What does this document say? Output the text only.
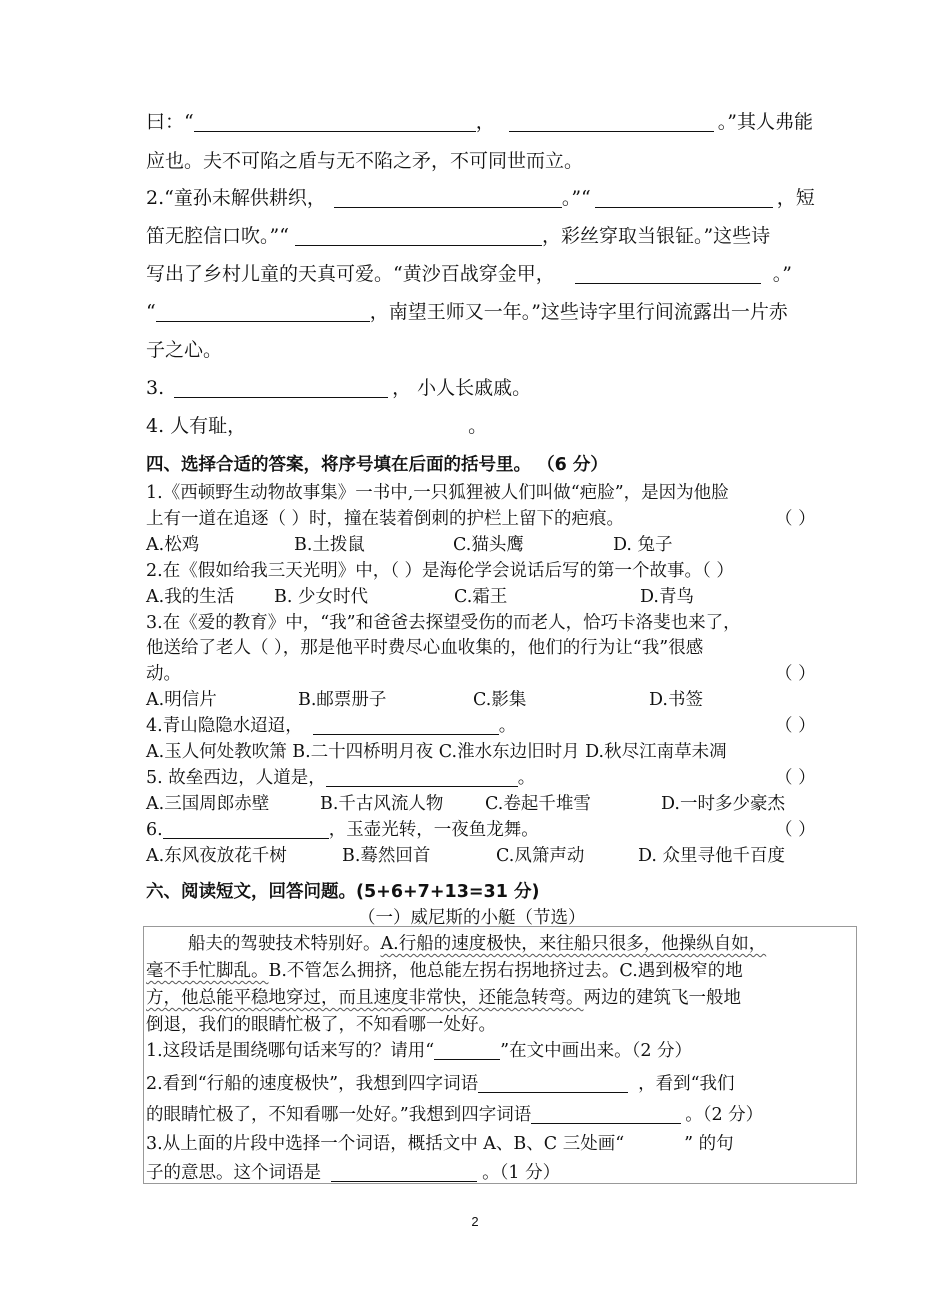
曰：“	，	。”其人弗能
应也。夫不可陷之盾与无不陷之矛，不可同世而立。
2.“童孙未解供耕织，	。”“	，短
笛无腔信口吹。”“	，彩丝穿取当银钲。”这些诗
写出了乡村儿童的天真可爱。“黄沙百战穿金甲，	。”
“	，南望王师又一年。”这些诗字里行间流露出一片赤
子之心。
3.	， 小人长戚戚。
4. 人有耻，	。
四、选择合适的答案，将序号填在后面的括号里。 （6 分）
1.《西顿野生动物故事集》一书中,一只狐狸被人们叫做“疤脸”，是因为他脸
上有一道在追逐（ ）时，撞在装着倒刺的护栏上留下的疤痕。	（ ）
A.松鸡	B.土拨鼠	C.猫头鹰	D. 兔子
2.在《假如给我三天光明》中，（ ）是海伦学会说话后写的第一个故事。（ ）
A.我的生活 B. 少女时代	C.霜王	D.青鸟
3.在《爱的教育》中，“我”和爸爸去探望受伤的而老人，恰巧卡洛斐也来了，
他送给了老人（ ），那是他平时费尽心血收集的，他们的行为让“我”很感
动。	（ ）
A.明信片	B.邮票册子	C.影集	D.书签
4.青山隐隐水迢迢，	。	（ ）
A.玉人何处教吹箫 B.二十四桥明月夜 C.淮水东边旧时月 D.秋尽江南草未凋
5. 故垒西边，人道是，	。	（ ）
A.三国周郎赤壁	B.千古风流人物 C.卷起千堆雪	D.一时多少豪杰
6.	，玉壶光转，一夜鱼龙舞。	（ ）
A.东风夜放花千树	B.蓦然回首	C.凤箫声动	D. 众里寻他千百度
六、阅读短文，回答问题。(5+6+7+13=31 分)
（一）威尼斯的小艇（节选）
船夫的驾驶技术特别好。A.行船的速度极快，来往船只很多，他操纵自如，
毫不手忙脚乱。B.不管怎么拥挤，他总能左拐右拐地挤过去。C.遇到极窄的地
方，他总能平稳地穿过，而且速度非常快，还能急转弯。两边的建筑飞一般地
倒退，我们的眼睛忙极了，不知看哪一处好。
1.这段话是围绕哪句话来写的？请用“	”在文中画出来。（2 分）
2.看到“行船的速度极快”，我想到四字词语	，看到“我们
的眼睛忙极了，不知看哪一处好。”我想到四字词语	。（2 分）
3.从上面的片段中选择一个词语，概括文中 A、B、C 三处画“	” 的句
子的意思。这个词语是	。（1 分）
2
